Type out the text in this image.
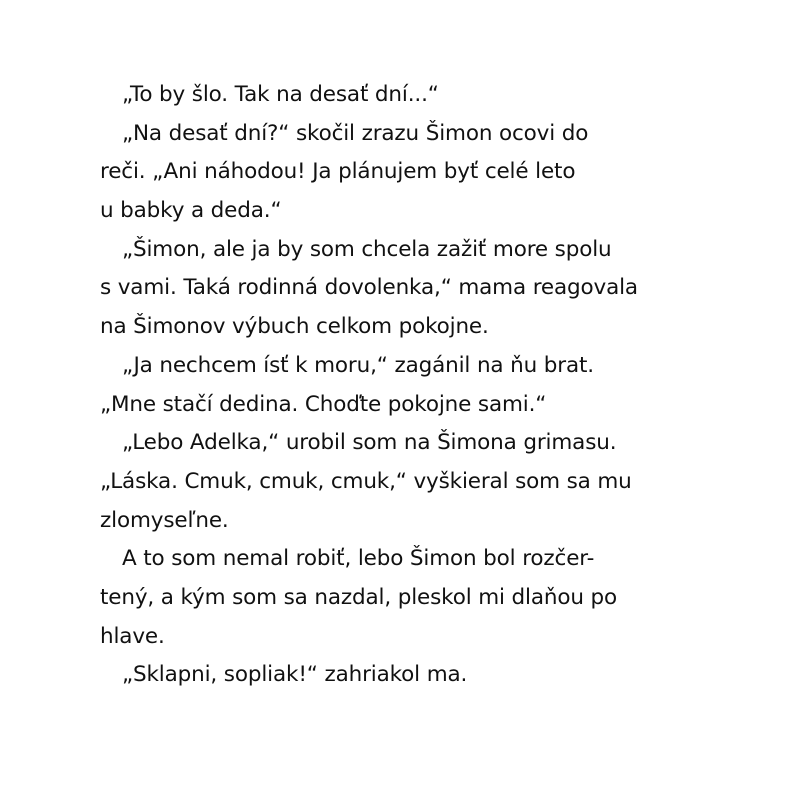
„To by šlo. Tak na desať dní...“
„Na desať dní?“ skočil zrazu Šimon ocovi do
reči. „Ani náhodou! Ja plánujem byť celé leto
u babky a deda.“
„Šimon, ale ja by som chcela zažiť more spolu
s vami. Taká rodinná dovolenka,“ mama reagovala
na Šimonov výbuch celkom pokojne.
„Ja nechcem ísť k moru,“ zagánil na ňu brat.
„Mne stačí dedina. Choďte pokojne sami.“
„Lebo Adelka,“ urobil som na Šimona grimasu.
„Láska. Cmuk, cmuk, cmuk,“ vyškieral som sa mu
zlomyseľne.
A to som nemal robiť, lebo Šimon bol rozčer-
tený, a kým som sa nazdal, pleskol mi dlaňou po
hlave.
„Sklapni, sopliak!“ zahriakol ma.
